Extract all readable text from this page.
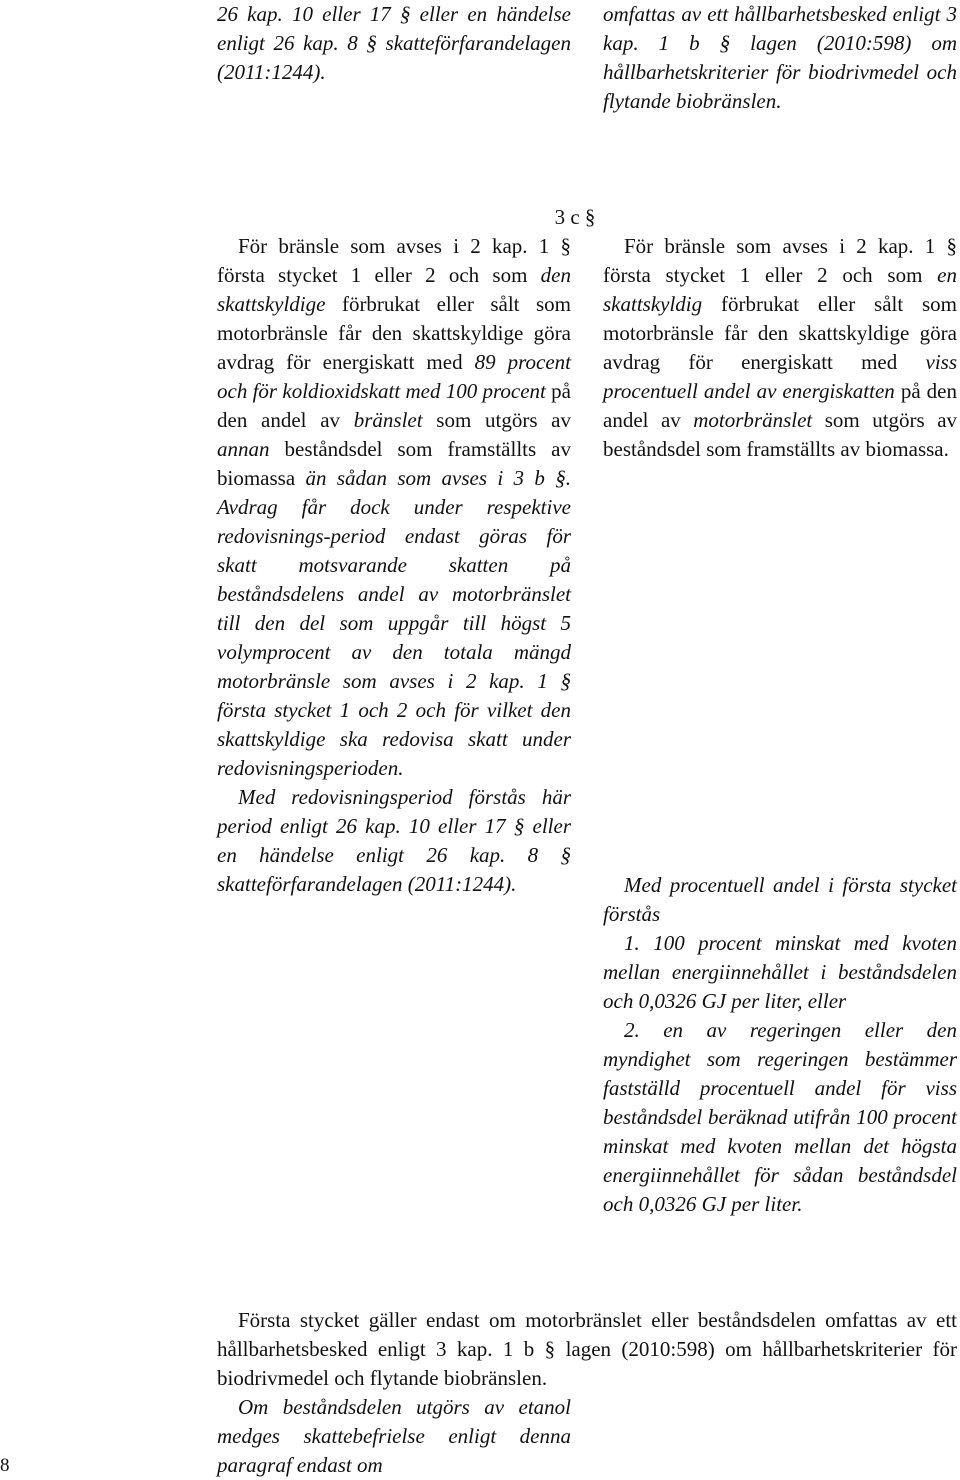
26 kap. 10 eller 17 § eller en händelse enligt 26 kap. 8 § skatteförfarandelagen (2011:1244).

omfattas av ett hållbarhetsbesked enligt 3 kap. 1 b § lagen (2010:598) om hållbarhetskriterier för biodrivmedel och flytande biobränslen.

3 c §

För bränsle som avses i 2 kap. 1 § första stycket 1 eller 2 och som den skattskyldige förbrukat eller sålt som motorbränsle får den skattskyldige göra avdrag för energiskatt med 89 procent och för koldioxidskatt med 100 procent på den andel av bränslet som utgörs av annan beståndsdel som framställts av biomassa än sådan som avses i 3 b §. Avdrag får dock under respektive redovisnings-period endast göras för skatt motsvarande skatten på beståndsdelens andel av motorbränslet till den del som uppgår till högst 5 volymprocent av den totala mängd motorbränsle som avses i 2 kap. 1 § första stycket 1 och 2 och för vilket den skattskyldige ska redovisa skatt under redovisningsperioden.

Med redovisningsperiod förstås här period enligt 26 kap. 10 eller 17 § eller en händelse enligt 26 kap. 8 § skatteförfarandelagen (2011:1244).

För bränsle som avses i 2 kap. 1 § första stycket 1 eller 2 och som en skattskyldig förbrukat eller sålt som motorbränsle får den skattskyldige göra avdrag för energiskatt med viss procentuell andel av energiskatten på den andel av motorbränslet som utgörs av beståndsdel som framställts av biomassa.

Med procentuell andel i första stycket förstås

1. 100 procent minskat med kvoten mellan energiinnehållet i beståndsdelen och 0,0326 GJ per liter, eller

2. en av regeringen eller den myndighet som regeringen bestämmer fastställd procentuell andel för viss beståndsdel beräknad utifrån 100 procent minskat med kvoten mellan det högsta energiinnehållet för sådan beståndsdel och 0,0326 GJ per liter.

Första stycket gäller endast om motorbränslet eller beståndsdelen omfattas av ett hållbarhetsbesked enligt 3 kap. 1 b § lagen (2010:598) om hållbarhetskriterier för biodrivmedel och flytande biobränslen.

Om beståndsdelen utgörs av etanol medges skattebefrielse enligt denna paragraf endast om

8
